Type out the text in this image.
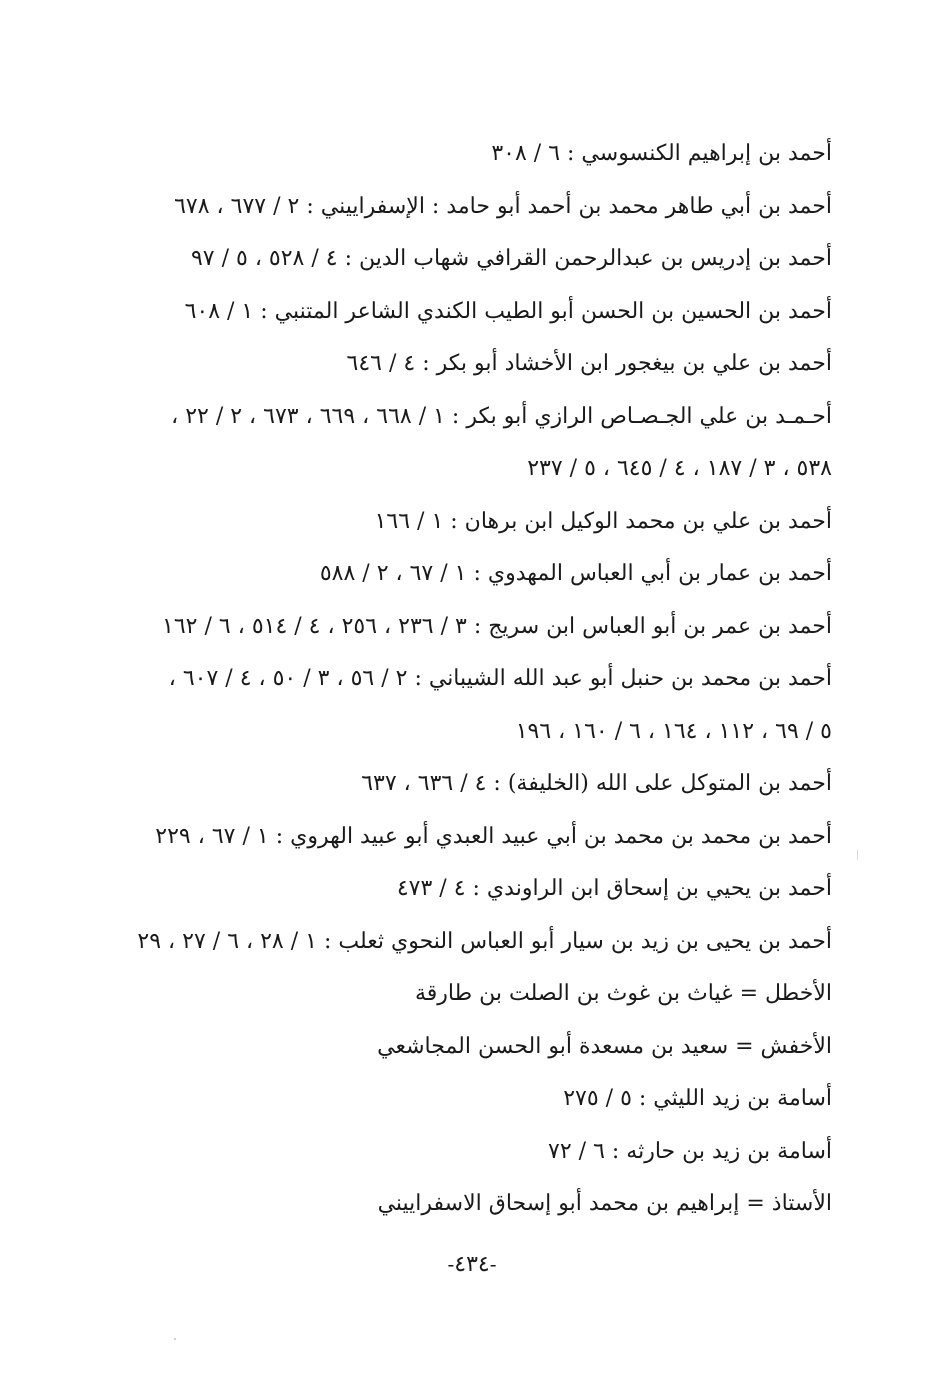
أحمد بن إبراهيم الكنسوسي : ٦ / ٣٠٨
أحمد بن أبي طاهر محمد بن أحمد أبو حامد : الإسفراييني : ٢ / ٦٧٧ ، ٦٧٨
أحمد بن إدريس بن عبدالرحمن القرافي شهاب الدين : ٤ / ٥٢٨ ، ٥ / ٩٧
أحمد بن الحسين بن الحسن أبو الطيب الكندي الشاعر المتنبي : ١ / ٦٠٨
أحمد بن علي بن بيغجور ابن الأخشاد أبو بكر : ٤ / ٦٤٦
أحـمـد بن علي الجـصـاص الرازي أبو بكر : ١ / ٦٦٨ ، ٦٦٩ ، ٦٧٣ ، ٢ / ٢٢ ،
٥٣٨ ، ٣ / ١٨٧ ، ٤ / ٦٤٥ ، ٥ / ٢٣٧
أحمد بن علي بن محمد الوكيل ابن برهان : ١ / ١٦٦
أحمد بن عمار بن أبي العباس المهدوي : ١ / ٦٧ ، ٢ / ٥٨٨
أحمد بن عمر بن أبو العباس ابن سريج : ٣ / ٢٣٦ ، ٢٥٦ ، ٤ / ٥١٤ ، ٦ / ١٦٢
أحمد بن محمد بن حنبل أبو عبد الله الشيباني : ٢ / ٥٦ ، ٣ / ٥٠ ، ٤ / ٦٠٧ ،
٥ / ٦٩ ، ١١٢ ، ١٦٤ ، ٦ / ١٦٠ ، ١٩٦
أحمد بن المتوكل على الله (الخليفة) : ٤ / ٦٣٦ ، ٦٣٧
أحمد بن محمد بن محمد بن أبي عبيد العبدي أبو عبيد الهروي : ١ / ٦٧ ، ٢٢٩
أحمد بن يحيي بن إسحاق ابن الراوندي : ٤ / ٤٧٣
أحمد بن يحيى بن زيد بن سيار أبو العباس النحوي ثعلب : ١ / ٢٨ ، ٦ / ٢٧ ، ٢٩
الأخطل = غياث بن غوث بن الصلت بن طارقة
الأخفش = سعيد بن مسعدة أبو الحسن المجاشعي
أسامة بن زيد الليثي : ٥ / ٢٧٥
أسامة بن زيد بن حارثه : ٦ / ٧٢
الأستاذ = إبراهيم بن محمد أبو إسحاق الاسفراييني
-٤٣٤-
